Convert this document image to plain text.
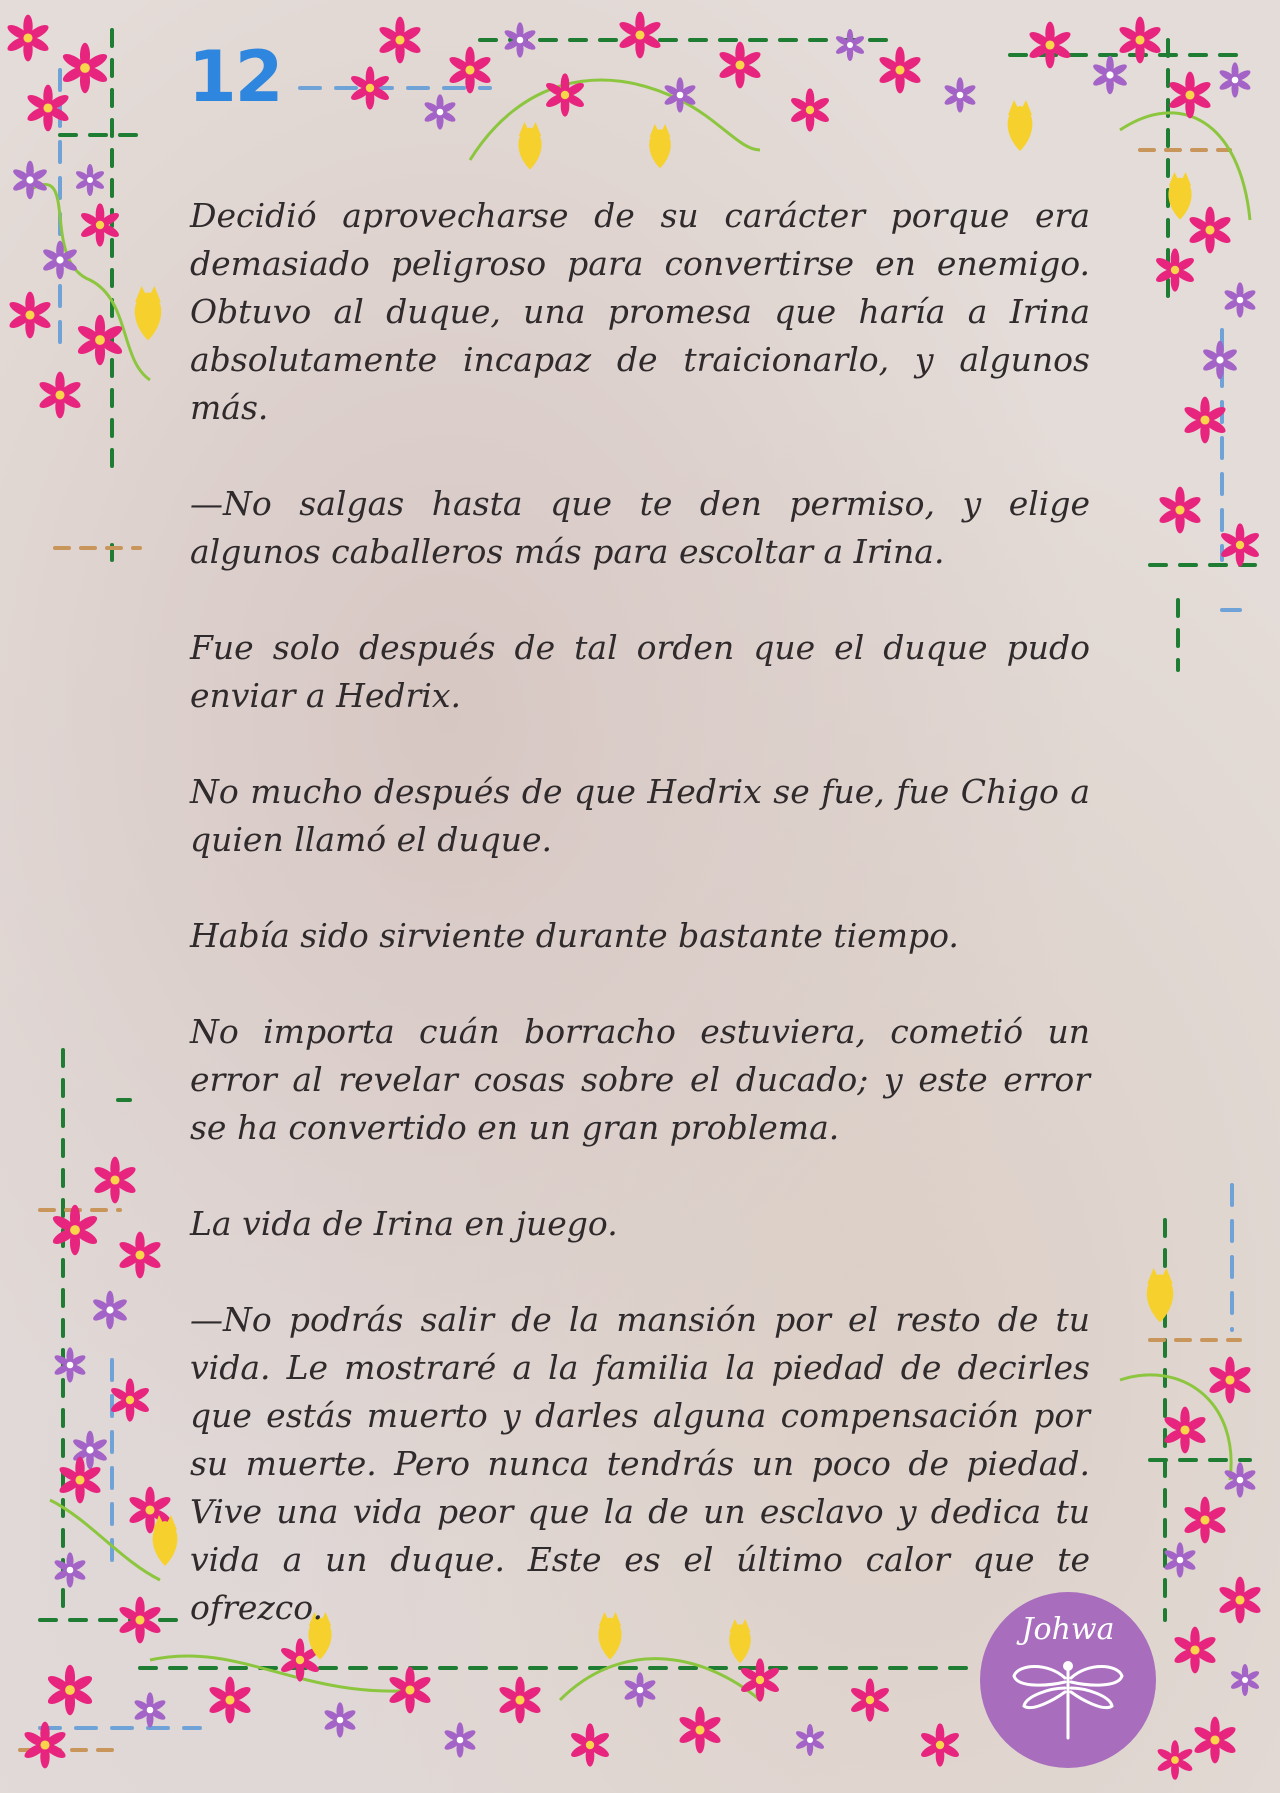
12

Decidió aprovecharse de su carácter porque era demasiado peligroso para convertirse en enemigo. Obtuvo al duque, una promesa que haría a Irina absolutamente incapaz de traicionarlo, y algunos más.

—No salgas hasta que te den permiso, y elige algunos caballeros más para escoltar a Irina.

Fue solo después de tal orden que el duque pudo enviar a Hedrix.

No mucho después de que Hedrix se fue, fue Chigo a quien llamó el duque.

Había sido sirviente durante bastante tiempo.

No importa cuán borracho estuviera, cometió un error al revelar cosas sobre el ducado; y este error se ha convertido en un gran problema.

La vida de Irina en juego.

—No podrás salir de la mansión por el resto de tu vida. Le mostraré a la familia la piedad de decirles que estás muerto y darles alguna compensación por su muerte. Pero nunca tendrás un poco de piedad. Vive una vida peor que la de un esclavo y dedica tu vida a un duque. Este es el último calor que te ofrezco.

Johwa
